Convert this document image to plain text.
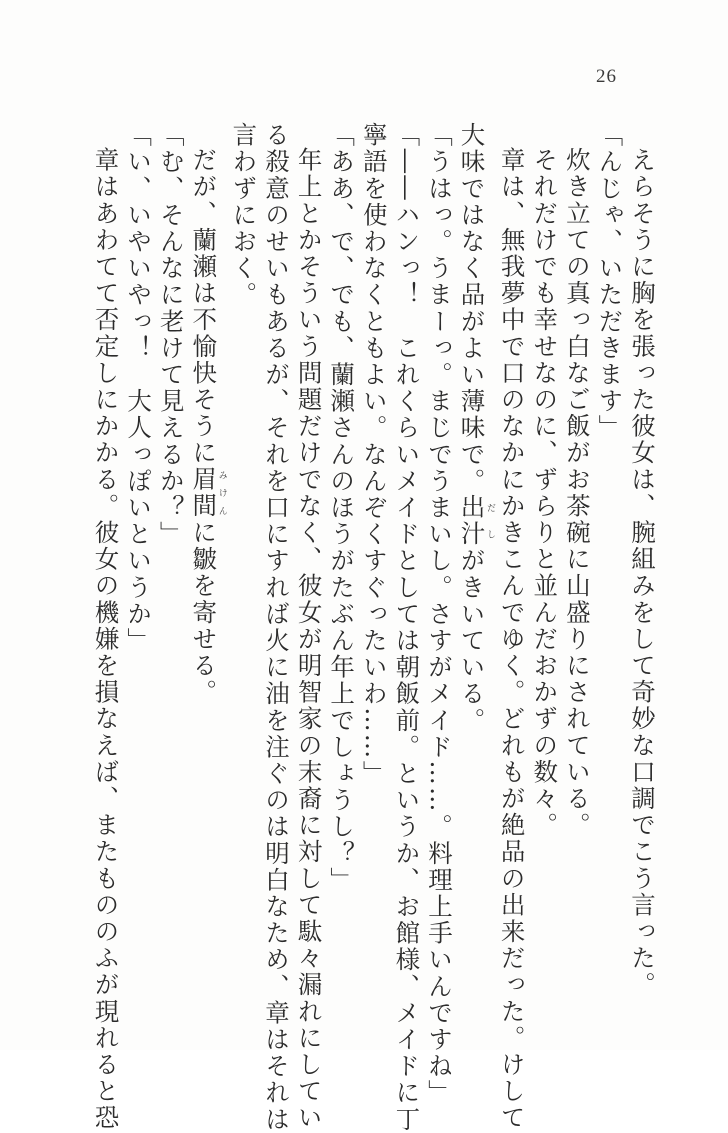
26
えらそうに胸を張った彼女は、腕組みをして奇妙な口調でこう言った。
「んじゃ、いただきます」
炊き立ての真っ白なご飯がお茶碗に山盛りにされている。
それだけでも幸せなのに、ずらりと並んだおかずの数々。
章は、無我夢中で口のなかにかきこんでゆく。どれもが絶品の出来だった。けして
大味ではなく品がよい薄味で。出汁だしがきいている。
「うはっ。うまーっ。まじでうまいし。さすがメイド……。料理上手いんですね」
「――ハンっ！　これくらいメイドとしては朝飯前。というか、お館様、メイドに丁
寧語を使わなくともよい。なんぞくすぐったいわ……」
「ああ、で、でも、蘭瀬さんのほうがたぶん年上でしょうし？」
年上とかそういう問題だけでなく、彼女が明智家の末裔に対して駄々漏れにしてい
る殺意のせいもあるが、それを口にすれば火に油を注ぐのは明白なため、章はそれは
言わずにおく。
だが、蘭瀬は不愉快そうに眉間みけんに皺を寄せる。
「む、そんなに老けて見えるか？」
「い、いやいやっ！　大人っぽいというか」
章はあわてて否定しにかかる。彼女の機嫌を損なえば、またもののふが現れると恐
